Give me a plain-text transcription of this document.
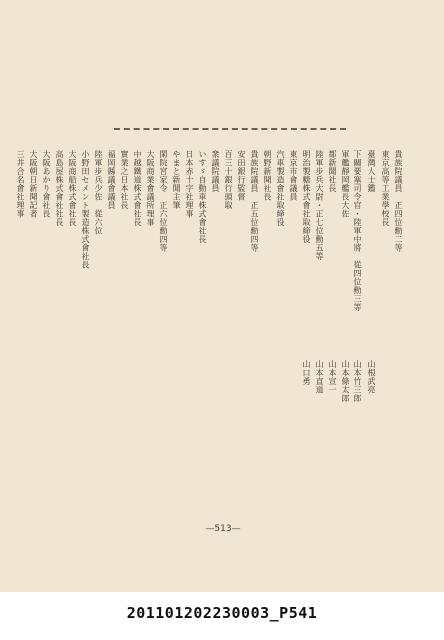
臺灣人士鑑
下關要塞司令官・陸軍中將　從四位勳三等
軍艦靜岡艦長大佐
都新聞社長
陸軍步兵大尉・正七位勳五等
明治製糖株式會社取締役
東京市會議員
汽車製造會社取締役
朝野新聞社長
貴族院議員　正五位勳四等
安田銀行監督
百三十銀行頭取
衆議院議員
いすゞ自動車株式會社長
日本赤十字社理事
やまと新聞主筆
閑院宮家令　正六位勳四等
大阪商業會議所理事
中越鐵道株式會社長
實業之日本社長
福岡縣議會議員
陸軍步兵少佐　從六位
小野田セメント製造株式會社長
大阪商船株式會社長
高島屋株式會社社長
大阪あかり會社長
大阪朝日新聞記者
三井合名會社理事	東京高等工業學校長 貴族院議員　正四位勳二等
山根武亮
山本竹三郎
山本條太郎
山本宣一
山本直道
山口勇
—513—
20110120223000З_P541
